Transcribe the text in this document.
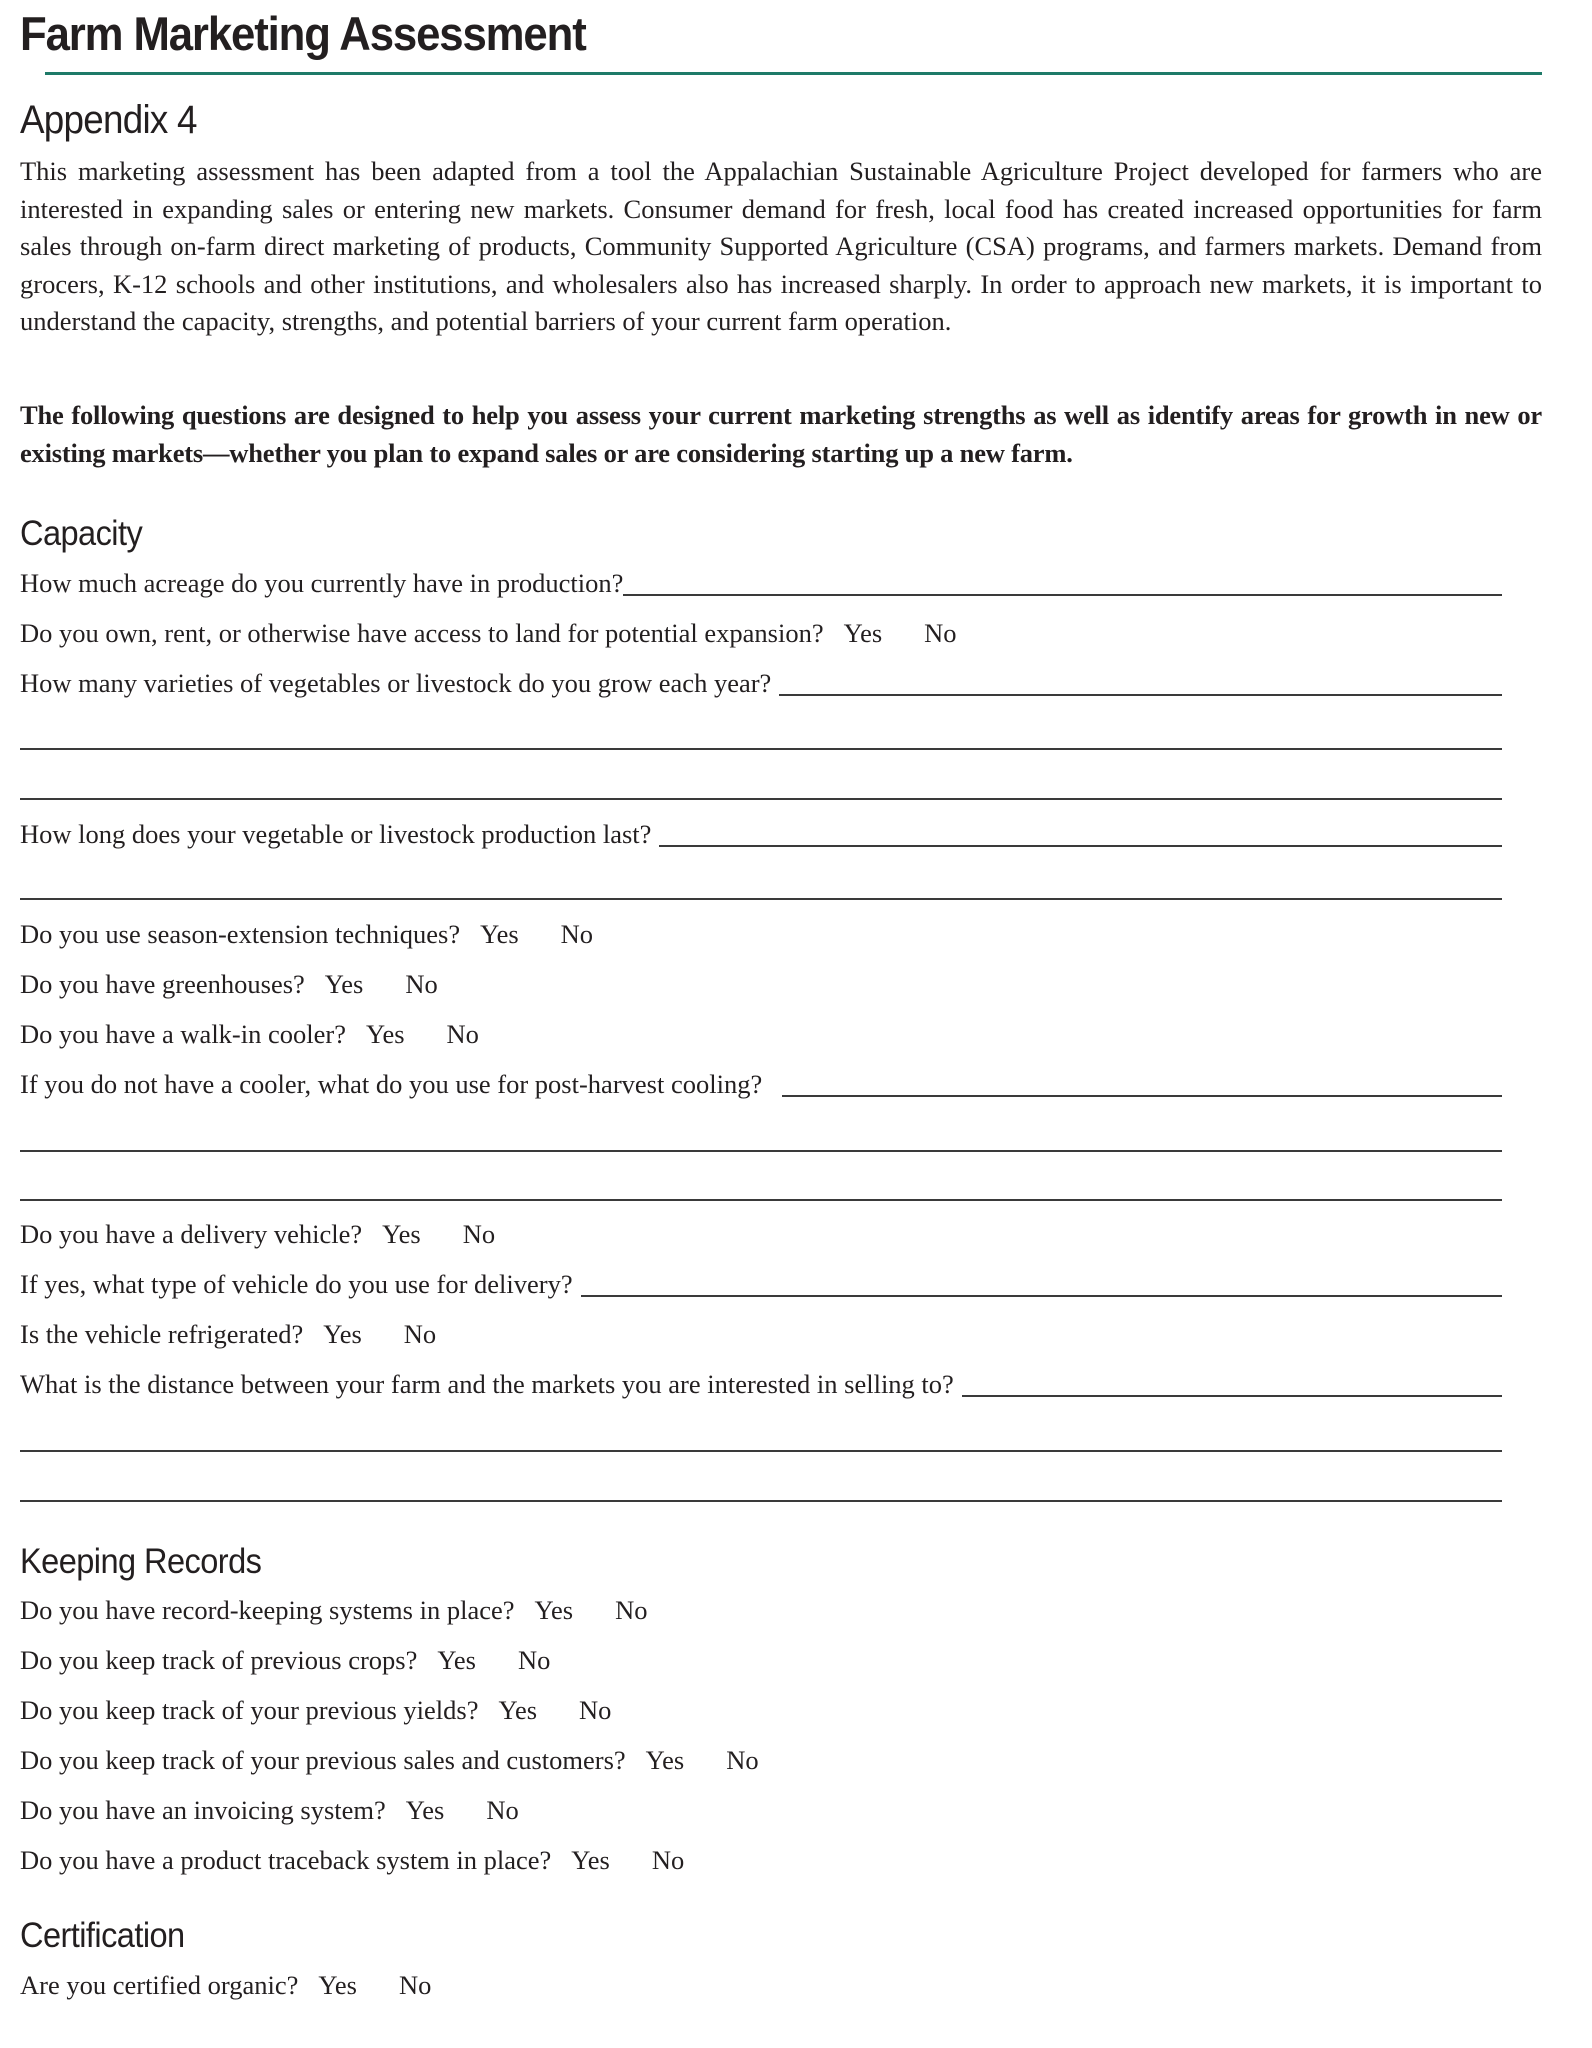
Farm Marketing Assessment
Appendix 4

This marketing assessment has been adapted from a tool the Appalachian Sustainable Agriculture Project developed for farmers who are interested in expanding sales or entering new markets. Consumer demand for fresh, local food has created increased opportunities for farm sales through on-farm direct marketing of products, Community Supported Agriculture (CSA) programs, and farmers markets. Demand from grocers, K-12 schools and other institutions, and wholesalers also has increased sharply. In order to approach new markets, it is important to understand the capacity, strengths, and potential barriers of your current farm operation.

The following questions are designed to help you assess your current marketing strengths as well as identify areas for growth in new or existing markets—whether you plan to expand sales or are considering starting up a new farm.

Capacity
How much acreage do you currently have in production?
Do you own, rent, or otherwise have access to land for potential expansion? Yes No
How many varieties of vegetables or livestock do you grow each year?
How long does your vegetable or livestock production last?
Do you use season-extension techniques? Yes No
Do you have greenhouses? Yes No
Do you have a walk-in cooler? Yes No
If you do not have a cooler, what do you use for post-harvest cooling?
Do you have a delivery vehicle? Yes No
If yes, what type of vehicle do you use for delivery?
Is the vehicle refrigerated? Yes No
What is the distance between your farm and the markets you are interested in selling to?
Keeping Records
Do you have record-keeping systems in place? Yes No
Do you keep track of previous crops? Yes No
Do you keep track of your previous yields? Yes No
Do you keep track of your previous sales and customers? Yes No
Do you have an invoicing system? Yes No
Do you have a product traceback system in place? Yes No
Certification
Are you certified organic? Yes No
